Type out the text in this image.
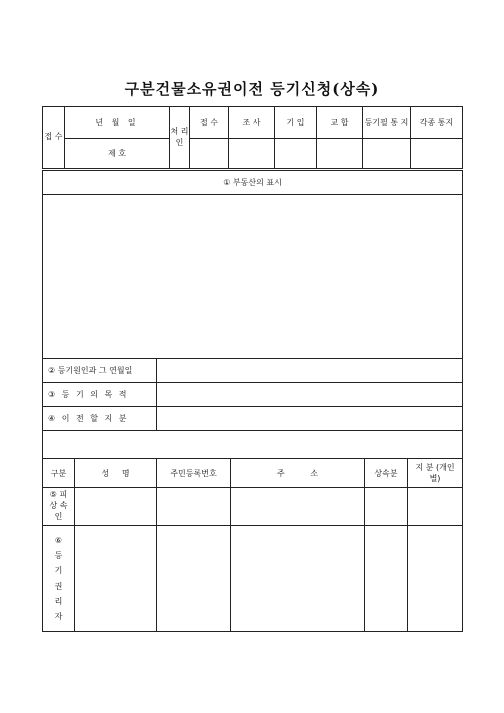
구분건물소유권이전 등기신청(상속)
접 수	년 월 일	처 리 인	접 수	조 사	기 입	교 합	등기필 통 지	각종 통지
	제 호							
① 부동산의 표시					

② 등기원인과 그 연월일					
③ 등 기 의 목 적					
④ 이 전 할 지 분					

구분	성     명	주민등록번호	주          소	상속분	지 분 (개인별)
⑤ 피상 속인					
⑥ 등 기 권 리 자					
